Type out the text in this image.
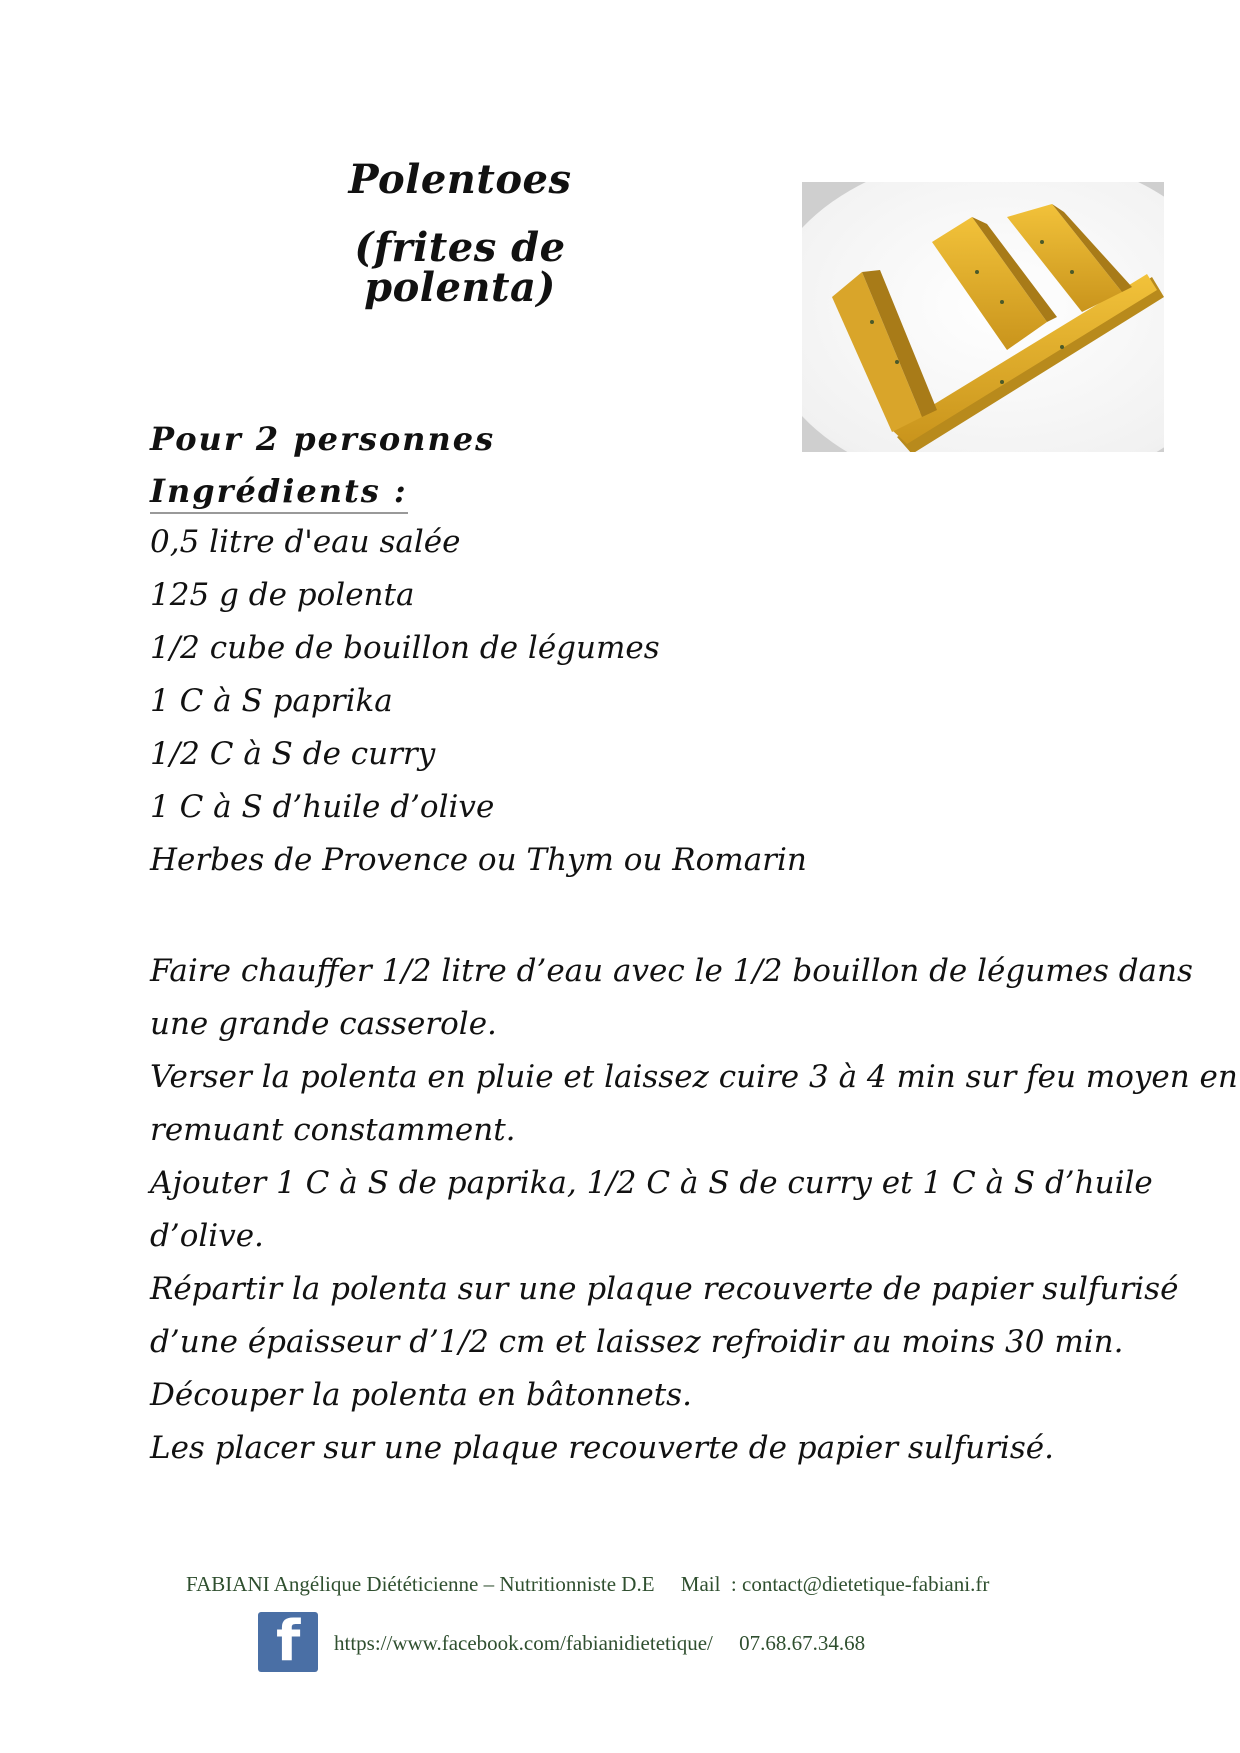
Polentoes
(frites de polenta)
Pour 2 personnes
Ingrédients :
0,5 litre d'eau salée
125 g de polenta
1/2 cube de bouillon de légumes
1 C à S paprika
1/2 C à S de curry
1 C à S d’huile d’olive
Herbes de Provence ou Thym ou Romarin
Faire chauffer 1/2 litre d’eau avec le 1/2 bouillon de légumes dans
une grande casserole.
Verser la polenta en pluie et laissez cuire 3 à 4 min sur feu moyen en
remuant constamment.
Ajouter 1 C à S de paprika, 1/2 C à S de curry et 1 C à S d’huile
d’olive.
Répartir la polenta sur une plaque recouverte de papier sulfurisé
d’une épaisseur d’1/2 cm et laissez refroidir au moins 30 min.
Découper la polenta en bâtonnets.
Les placer sur une plaque recouverte de papier sulfurisé.
FABIANI Angélique Diététicienne – Nutritionniste D.E     Mail  : contact@dietetique-fabiani.fr
f https://www.facebook.com/fabianidietetique/     07.68.67.34.68
